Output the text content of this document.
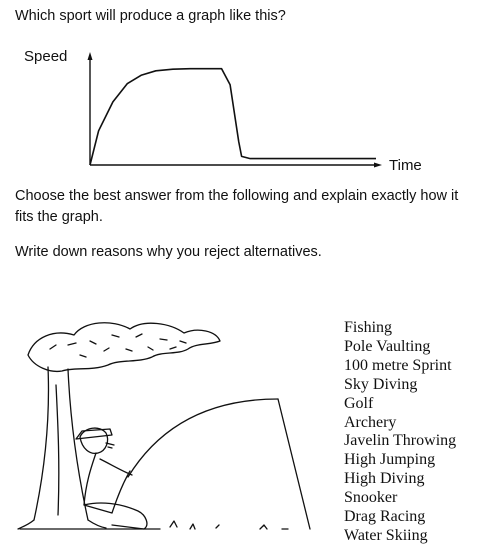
Which sport will produce a graph like this?
Speed
Time
Choose the best answer from the following and explain exactly how it fits the graph.
Write down reasons why you reject alternatives.
Fishing
Pole Vaulting
100 metre Sprint
Sky Diving
Golf
Archery
Javelin Throwing
High Jumping
High Diving
Snooker
Drag Racing
Water Skiing
